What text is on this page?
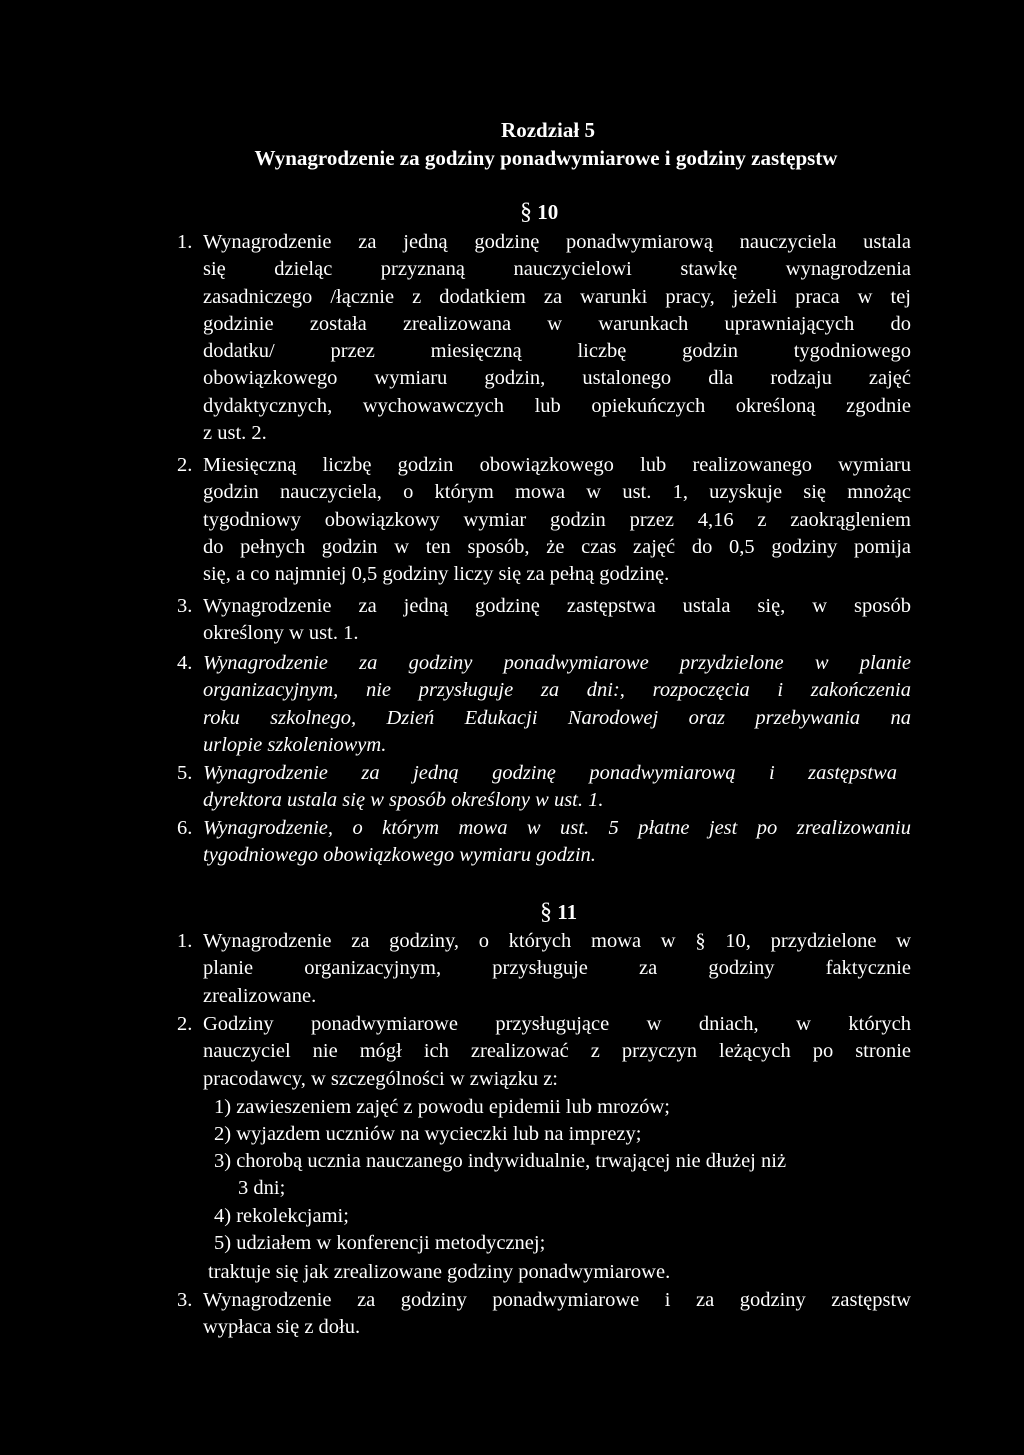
Rozdział 5
Wynagrodzenie za godziny ponadwymiarowe i godziny zastępstw
§ 10
1. Wynagrodzenie za jedną godzinę ponadwymiarową nauczyciela ustala
się dzieląc przyznaną nauczycielowi stawkę wynagrodzenia
zasadniczego /łącznie z dodatkiem za warunki pracy, jeżeli praca w tej
godzinie została zrealizowana w warunkach uprawniających do
dodatku/ przez miesięczną liczbę godzin tygodniowego
obowiązkowego wymiaru godzin, ustalonego dla rodzaju zajęć
dydaktycznych, wychowawczych lub opiekuńczych określoną zgodnie
z ust. 2.
2. Miesięczną liczbę godzin obowiązkowego lub realizowanego wymiaru
godzin nauczyciela, o którym mowa w ust. 1, uzyskuje się mnożąc
tygodniowy obowiązkowy wymiar godzin przez 4,16 z zaokrągleniem
do pełnych godzin w ten sposób, że czas zajęć do 0,5 godziny pomija
się, a co najmniej 0,5 godziny liczy się za pełną godzinę.
3. Wynagrodzenie za jedną godzinę zastępstwa ustala się, w sposób
określony w ust. 1.
4. Wynagrodzenie za godziny ponadwymiarowe przydzielone w planie
organizacyjnym, nie przysługuje za dni:, rozpoczęcia i zakończenia
roku szkolnego, Dzień Edukacji Narodowej oraz przebywania na
urlopie szkoleniowym.
5. Wynagrodzenie za jedną godzinę ponadwymiarową i zastępstwa
dyrektora ustala się w sposób określony w ust. 1.
6. Wynagrodzenie, o którym mowa w ust. 5 płatne jest po zrealizowaniu
tygodniowego obowiązkowego wymiaru godzin.
§ 11
1. Wynagrodzenie za godziny, o których mowa w § 10, przydzielone w
planie organizacyjnym, przysługuje za godziny faktycznie
zrealizowane.
2. Godziny ponadwymiarowe przysługujące w dniach, w których
nauczyciel nie mógł ich zrealizować z przyczyn leżących po stronie
pracodawcy, w szczególności w związku z:
1) zawieszeniem zajęć z powodu epidemii lub mrozów;
2) wyjazdem uczniów na wycieczki lub na imprezy;
3) chorobą ucznia nauczanego indywidualnie, trwającej nie dłużej niż
3 dni;
4) rekolekcjami;
5) udziałem w konferencji metodycznej;
traktuje się jak zrealizowane godziny ponadwymiarowe.
3. Wynagrodzenie za godziny ponadwymiarowe i za godziny zastępstw
wypłaca się z dołu.
